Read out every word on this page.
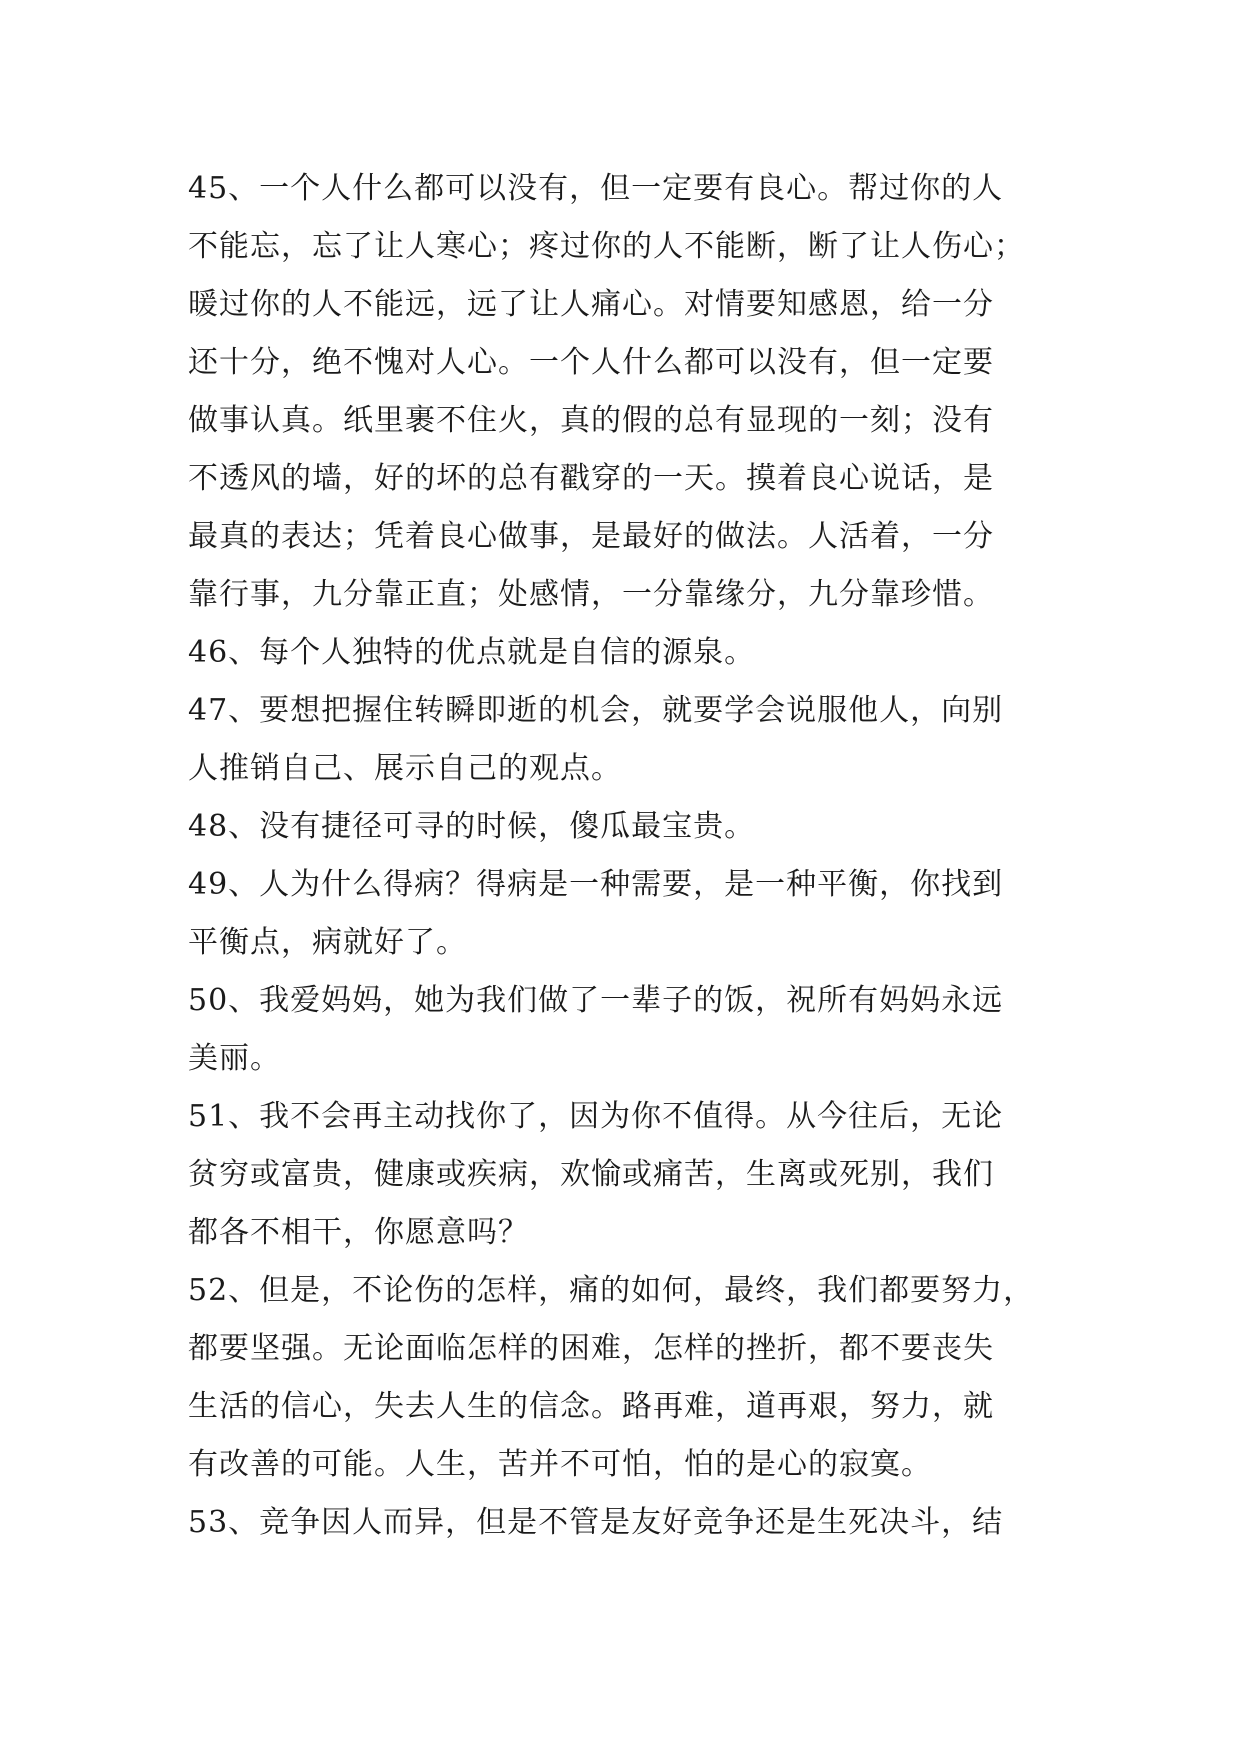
45、一个人什么都可以没有，但一定要有良心。帮过你的人
不能忘，忘了让人寒心；疼过你的人不能断，断了让人伤心；
暖过你的人不能远，远了让人痛心。对情要知感恩，给一分
还十分，绝不愧对人心。一个人什么都可以没有，但一定要
做事认真。纸里裹不住火，真的假的总有显现的一刻；没有
不透风的墙，好的坏的总有戳穿的一天。摸着良心说话，是
最真的表达；凭着良心做事，是最好的做法。人活着，一分
靠行事，九分靠正直；处感情，一分靠缘分，九分靠珍惜。
46、每个人独特的优点就是自信的源泉。
47、要想把握住转瞬即逝的机会，就要学会说服他人，向别
人推销自己、展示自己的观点。
48、没有捷径可寻的时候，傻瓜最宝贵。
49、人为什么得病？得病是一种需要，是一种平衡，你找到
平衡点，病就好了。
50、我爱妈妈，她为我们做了一辈子的饭，祝所有妈妈永远
美丽。
51、我不会再主动找你了，因为你不值得。从今往后，无论
贫穷或富贵，健康或疾病，欢愉或痛苦，生离或死别，我们
都各不相干，你愿意吗？
52、但是，不论伤的怎样，痛的如何，最终，我们都要努力，
都要坚强。无论面临怎样的困难，怎样的挫折，都不要丧失
生活的信心，失去人生的信念。路再难，道再艰，努力，就
有改善的可能。人生，苦并不可怕，怕的是心的寂寞。
53、竞争因人而异，但是不管是友好竞争还是生死决斗，结
